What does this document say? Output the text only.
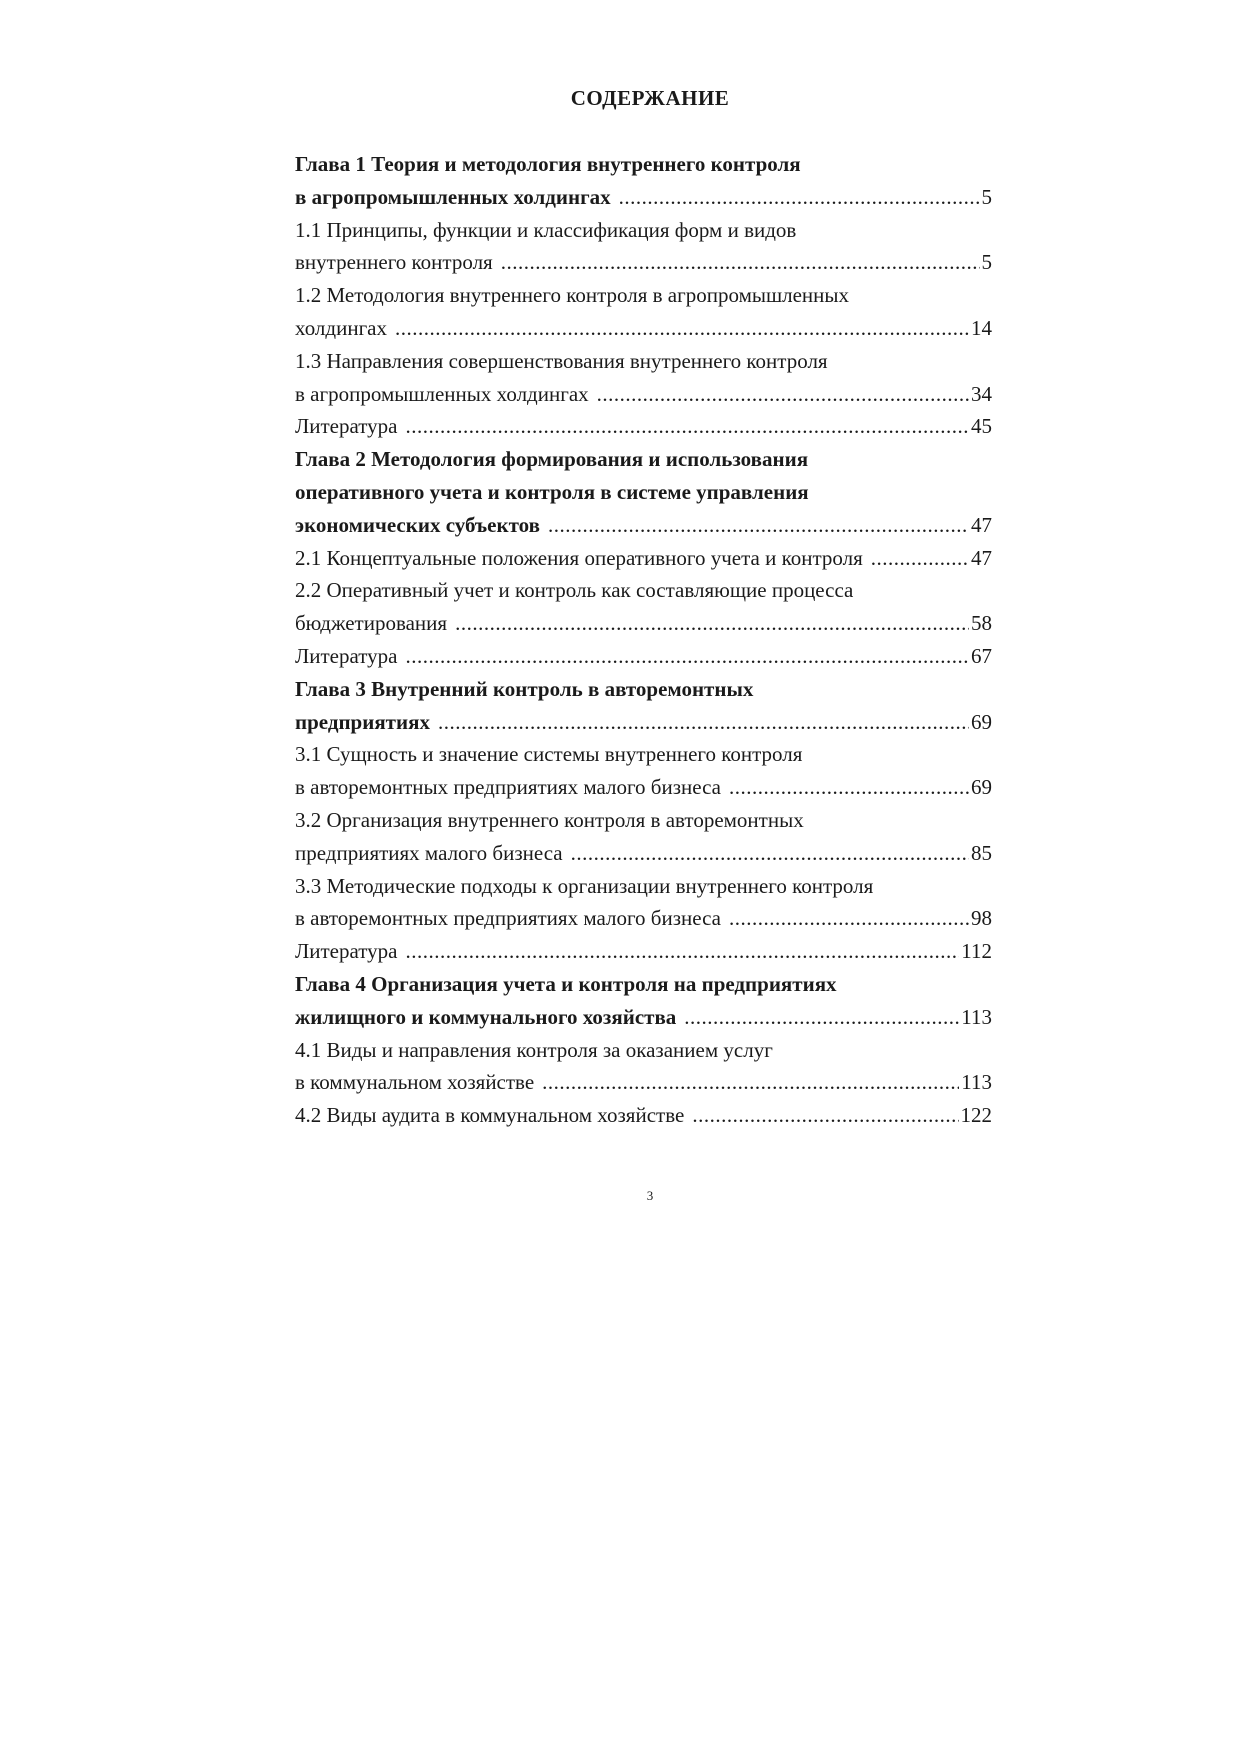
СОДЕРЖАНИЕ
Глава 1 Теория и методология внутреннего контроля
в агропромышленных холдингах .....	5
1.1 Принципы, функции и классификация форм и видов
внутреннего контроля .....	5
1.2 Методология внутреннего контроля в агропромышленных
холдингах .....	14
1.3 Направления совершенствования внутреннего контроля
в агропромышленных холдингах .....	34
Литература .....	45
Глава 2 Методология формирования и использования
оперативного учета и контроля в системе управления
экономических субъектов .....	47
2.1 Концептуальные положения оперативного учета и контроля .....	47
2.2 Оперативный учет и контроль как составляющие процесса
бюджетирования .....	58
Литература .....	67
Глава 3 Внутренний контроль в авторемонтных
предприятиях .....	69
3.1 Сущность и значение системы внутреннего контроля
в авторемонтных предприятиях малого бизнеса .....	69
3.2 Организация внутреннего контроля в авторемонтных
предприятиях малого бизнеса .....	85
3.3 Методические подходы к организации внутреннего контроля
в авторемонтных предприятиях малого бизнеса .....	98
Литература .....	112
Глава 4 Организация учета и контроля на предприятиях
жилищного и коммунального хозяйства .....	113
4.1 Виды и направления контроля за оказанием услуг
в коммунальном хозяйстве .....	113
4.2 Виды аудита в коммунальном хозяйстве .....	122
3
